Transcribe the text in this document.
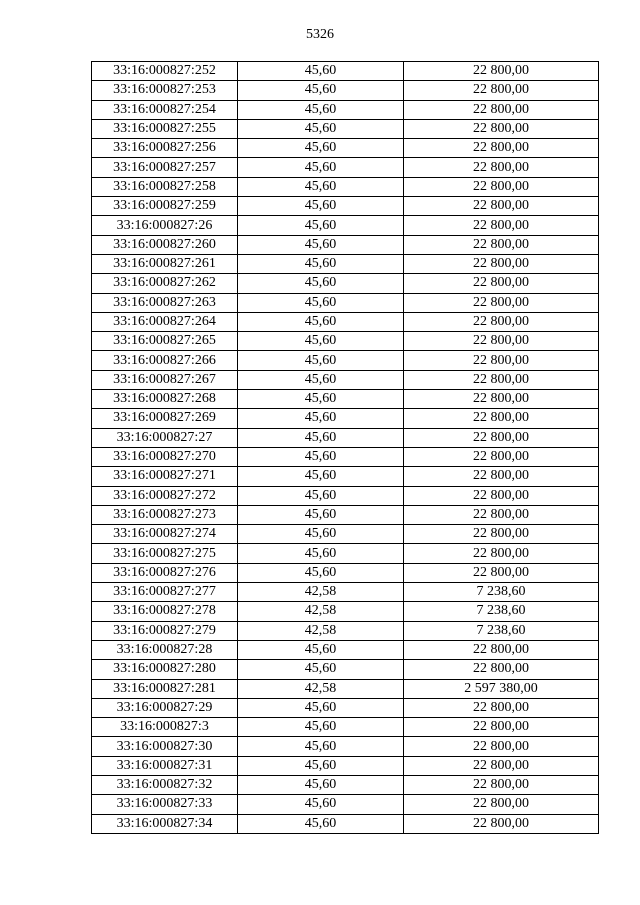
5326
33:16:000827:252	45,60	22 800,00
33:16:000827:253	45,60	22 800,00
33:16:000827:254	45,60	22 800,00
33:16:000827:255	45,60	22 800,00
33:16:000827:256	45,60	22 800,00
33:16:000827:257	45,60	22 800,00
33:16:000827:258	45,60	22 800,00
33:16:000827:259	45,60	22 800,00
33:16:000827:26	45,60	22 800,00
33:16:000827:260	45,60	22 800,00
33:16:000827:261	45,60	22 800,00
33:16:000827:262	45,60	22 800,00
33:16:000827:263	45,60	22 800,00
33:16:000827:264	45,60	22 800,00
33:16:000827:265	45,60	22 800,00
33:16:000827:266	45,60	22 800,00
33:16:000827:267	45,60	22 800,00
33:16:000827:268	45,60	22 800,00
33:16:000827:269	45,60	22 800,00
33:16:000827:27	45,60	22 800,00
33:16:000827:270	45,60	22 800,00
33:16:000827:271	45,60	22 800,00
33:16:000827:272	45,60	22 800,00
33:16:000827:273	45,60	22 800,00
33:16:000827:274	45,60	22 800,00
33:16:000827:275	45,60	22 800,00
33:16:000827:276	45,60	22 800,00
33:16:000827:277	42,58	7 238,60
33:16:000827:278	42,58	7 238,60
33:16:000827:279	42,58	7 238,60
33:16:000827:28	45,60	22 800,00
33:16:000827:280	45,60	22 800,00
33:16:000827:281	42,58	2 597 380,00
33:16:000827:29	45,60	22 800,00
33:16:000827:3	45,60	22 800,00
33:16:000827:30	45,60	22 800,00
33:16:000827:31	45,60	22 800,00
33:16:000827:32	45,60	22 800,00
33:16:000827:33	45,60	22 800,00
33:16:000827:34	45,60	22 800,00
